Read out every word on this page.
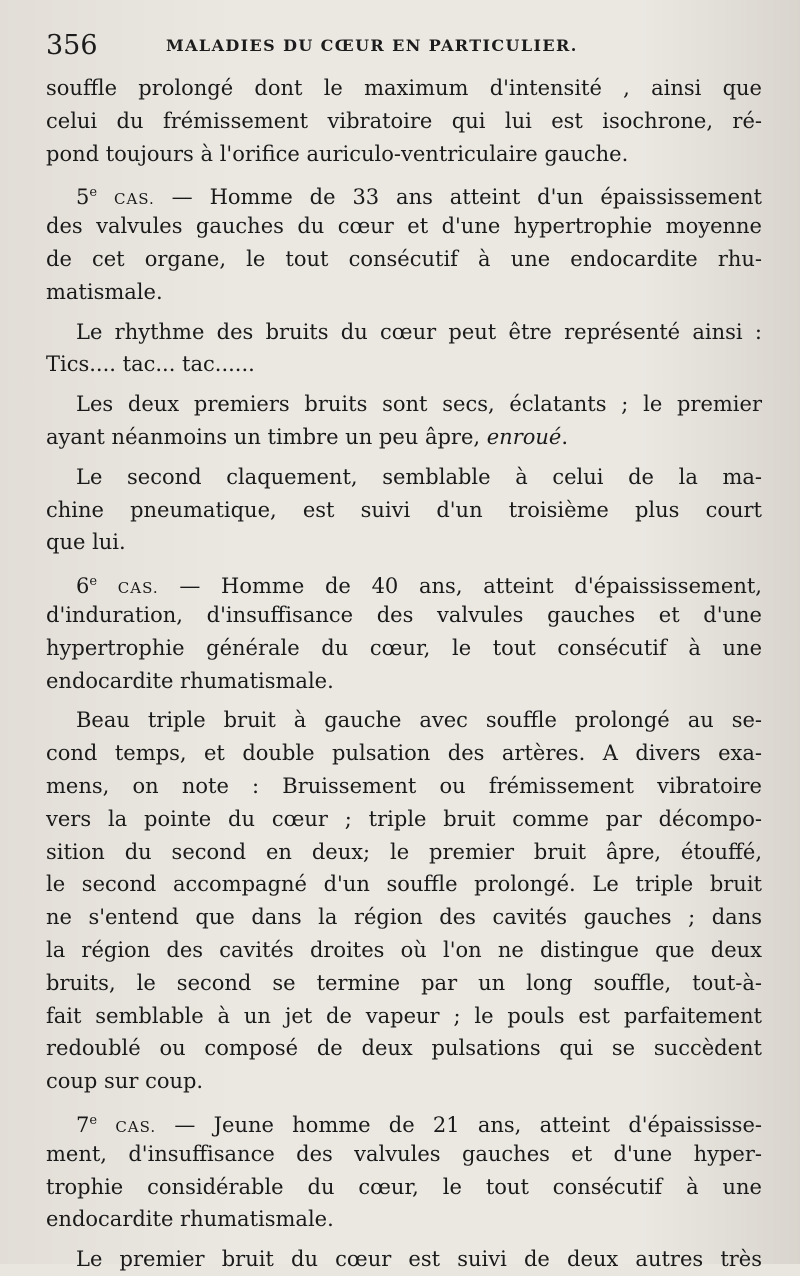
356	MALADIES DU CŒUR EN PARTICULIER.
souffle prolongé dont le maximum d'intensité , ainsi que
celui du frémissement vibratoire qui lui est isochrone, ré-
pond toujours à l'orifice auriculo-ventriculaire gauche.
5e CAS. — Homme de 33 ans atteint d'un épaississement
des valvules gauches du cœur et d'une hypertrophie moyenne
de cet organe, le tout consécutif à une endocardite rhu-
matismale.
Le rhythme des bruits du cœur peut être représenté ainsi :
Tics.... tac... tac......
Les deux premiers bruits sont secs, éclatants ; le premier
ayant néanmoins un timbre un peu âpre, enroué.
Le second claquement, semblable à celui de la ma-
chine pneumatique, est suivi d'un troisième plus court
que lui.
6e CAS. — Homme de 40 ans, atteint d'épaississement,
d'induration, d'insuffisance des valvules gauches et d'une
hypertrophie générale du cœur, le tout consécutif à une
endocardite rhumatismale.
Beau triple bruit à gauche avec souffle prolongé au se-
cond temps, et double pulsation des artères. A divers exa-
mens, on note : Bruissement ou frémissement vibratoire
vers la pointe du cœur ; triple bruit comme par décompo-
sition du second en deux; le premier bruit âpre, étouffé,
le second accompagné d'un souffle prolongé. Le triple bruit
ne s'entend que dans la région des cavités gauches ; dans
la région des cavités droites où l'on ne distingue que deux
bruits, le second se termine par un long souffle, tout-à-
fait semblable à un jet de vapeur ; le pouls est parfaitement
redoublé ou composé de deux pulsations qui se succèdent
coup sur coup.
7e CAS. — Jeune homme de 21 ans, atteint d'épaississe-
ment, d'insuffisance des valvules gauches et d'une hyper-
trophie considérable du cœur, le tout consécutif à une
endocardite rhumatismale.
Le premier bruit du cœur est suivi de deux autres très
